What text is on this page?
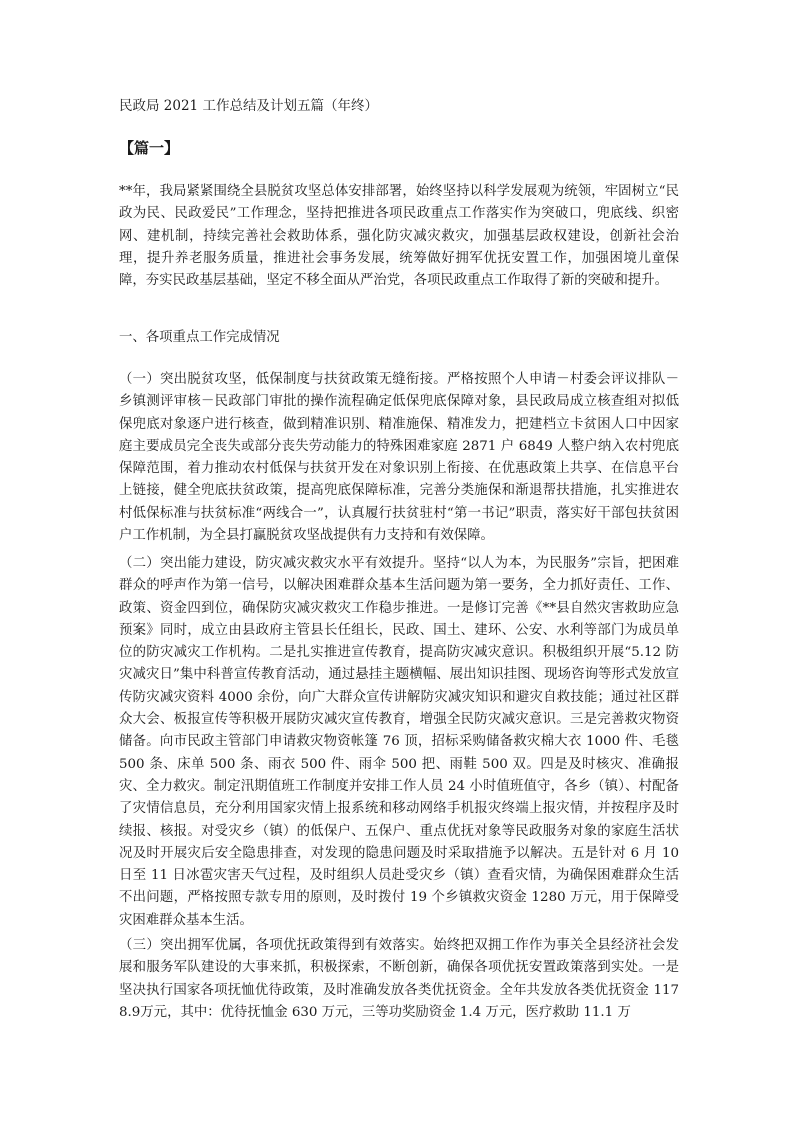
民政局 2021 工作总结及计划五篇（年终）

【篇一】

**年，我局紧紧围绕全县脱贫攻坚总体安排部署，始终坚持以科学发展观为统领，牢固树立“民政为民、民政爱民”工作理念，坚持把推进各项民政重点工作落实作为突破口，兜底线、织密网、建机制，持续完善社会救助体系，强化防灾减灾救灾，加强基层政权建设，创新社会治理，提升养老服务质量，推进社会事务发展，统筹做好拥军优抚安置工作，加强困境儿童保障，夯实民政基层基础，坚定不移全面从严治党，各项民政重点工作取得了新的突破和提升。

一、各项重点工作完成情况

（一）突出脱贫攻坚，低保制度与扶贫政策无缝衔接。严格按照个人申请－村委会评议排队－乡镇测评审核－民政部门审批的操作流程确定低保兜底保障对象，县民政局成立核查组对拟低保兜底对象逐户进行核查，做到精准识别、精准施保、精准发力，把建档立卡贫困人口中因家庭主要成员完全丧失或部分丧失劳动能力的特殊困难家庭 2871 户 6849 人整户纳入农村兜底保障范围，着力推动农村低保与扶贫开发在对象识别上衔接、在优惠政策上共享、在信息平台上链接，健全兜底扶贫政策，提高兜底保障标准，完善分类施保和渐退帮扶措施，扎实推进农村低保标准与扶贫标准“两线合一”，认真履行扶贫驻村“第一书记”职责，落实好干部包扶贫困户工作机制，为全县打赢脱贫攻坚战提供有力支持和有效保障。

（二）突出能力建设，防灾减灾救灾水平有效提升。坚持“以人为本，为民服务”宗旨，把困难群众的呼声作为第一信号，以解决困难群众基本生活问题为第一要务，全力抓好责任、工作、政策、资金四到位，确保防灾减灾救灾工作稳步推进。一是修订完善《**县自然灾害救助应急预案》同时，成立由县政府主管县长任组长，民政、国土、建环、公安、水利等部门为成员单位的防灾减灾工作机构。二是扎实推进宣传教育，提高防灾减灾意识。积极组织开展“5.12 防灾减灾日”集中科普宣传教育活动，通过悬挂主题横幅、展出知识挂图、现场咨询等形式发放宣传防灾减灾资料 4000 余份，向广大群众宣传讲解防灾减灾知识和避灾自救技能；通过社区群众大会、板报宣传等积极开展防灾减灾宣传教育，增强全民防灾减灾意识。三是完善救灾物资储备。向市民政主管部门申请救灾物资帐篷 76 顶，招标采购储备救灾棉大衣 1000 件、毛毯 500 条、床单 500 条、雨衣 500 件、雨伞 500 把、雨鞋 500 双。四是及时核灾、准确报灾、全力救灾。制定汛期值班工作制度并安排工作人员 24 小时值班值守，各乡（镇）、村配备了灾情信息员，充分利用国家灾情上报系统和移动网络手机报灾终端上报灾情，并按程序及时续报、核报。对受灾乡（镇）的低保户、五保户、重点优抚对象等民政服务对象的家庭生活状况及时开展灾后安全隐患排查，对发现的隐患问题及时采取措施予以解决。五是针对 6 月 10 日至 11 日冰雹灾害天气过程，及时组织人员赴受灾乡（镇）查看灾情，为确保困难群众生活不出问题，严格按照专款专用的原则，及时拨付 19 个乡镇救灾资金 1280 万元，用于保障受灾困难群众基本生活。

（三）突出拥军优属，各项优抚政策得到有效落实。始终把双拥工作作为事关全县经济社会发展和服务军队建设的大事来抓，积极探索，不断创新，确保各项优抚安置政策落到实处。一是坚决执行国家各项抚恤优待政策，及时准确发放各类优抚资金。全年共发放各类优抚资金 1178.9万元，其中：优待抚恤金 630 万元，三等功奖励资金 1.4 万元，医疗救助 11.1 万
